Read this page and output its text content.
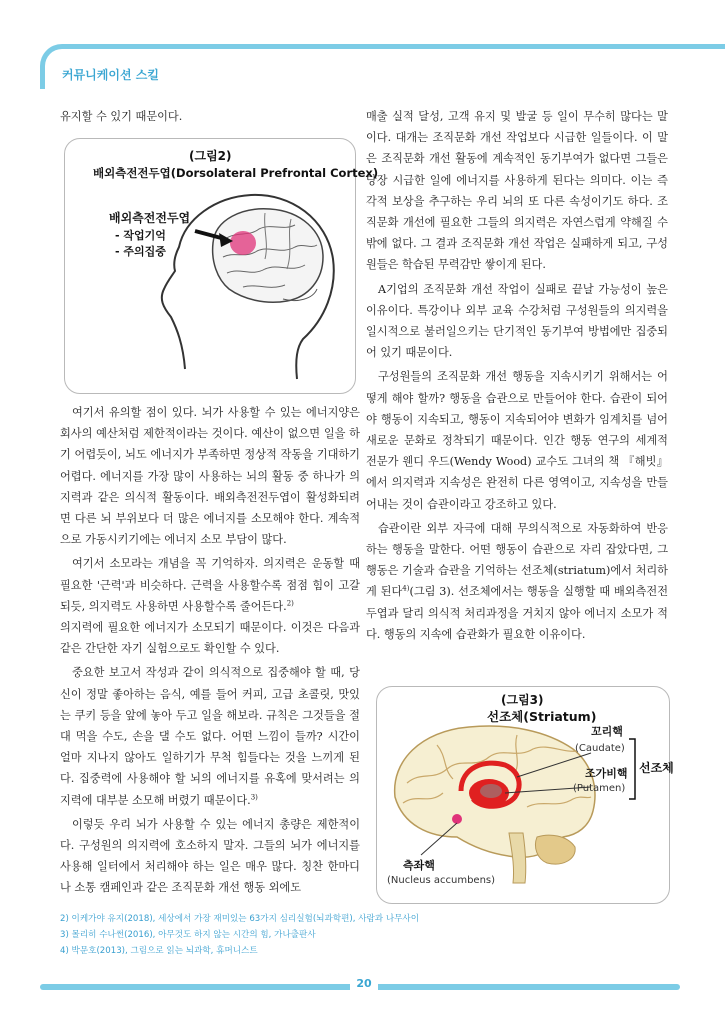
커뮤니케이션 스킬

유지할 수 있기 때문이다.

(그림2)
배외측전전두엽(Dorsolateral Prefrontal Cortex)
배외측전전두엽
- 작업기억
- 주의집중

여기서 유의할 점이 있다. 뇌가 사용할 수 있는 에너지양은 회사의 예산처럼 제한적이라는 것이다. 예산이 없으면 일을 하기 어렵듯이, 뇌도 에너지가 부족하면 정상적 작동을 기대하기 어렵다. 에너지를 가장 많이 사용하는 뇌의 활동 중 하나가 의지력과 같은 의식적 활동이다. 배외측전전두엽이 활성화되려면 다른 뇌 부위보다 더 많은 에너지를 소모해야 한다. 계속적으로 가동시키기에는 에너지 소모 부담이 많다.

여기서 소모라는 개념을 꼭 기억하자. 의지력은 운동할 때 필요한 '근력'과 비슷하다. 근력을 사용할수록 점점 힘이 고갈되듯, 의지력도 사용하면 사용할수록 줄어든다.$^{2)}$

의지력에 필요한 에너지가 소모되기 때문이다. 이것은 다음과 같은 간단한 자기 실험으로도 확인할 수 있다.

중요한 보고서 작성과 같이 의식적으로 집중해야 할 때, 당신이 정말 좋아하는 음식, 예를 들어 커피, 고급 초콜릿, 맛있는 쿠키 등을 앞에 놓아 두고 일을 해보라. 규칙은 그것들을 절대 먹을 수도, 손을 댈 수도 없다. 어떤 느낌이 들까? 시간이 얼마 지나지 않아도 일하기가 무척 힘들다는 것을 느끼게 된다. 집중력에 사용해야 할 뇌의 에너지를 유혹에 맞서려는 의지력에 대부분 소모해 버렸기 때문이다.$^{3)}$

이렇듯 우리 뇌가 사용할 수 있는 에너지 총량은 제한적이다. 구성원의 의지력에 호소하지 말자. 그들의 뇌가 에너지를 사용해 일터에서 처리해야 하는 일은 매우 많다. 칭찬 한마디나 소통 캠페인과 같은 조직문화 개선 행동 외에도

매출 실적 달성, 고객 유지 및 발굴 등 일이 무수히 많다는 말이다. 대개는 조직문화 개선 작업보다 시급한 일들이다. 이 말은 조직문화 개선 활동에 계속적인 동기부여가 없다면 그들은 당장 시급한 일에 에너지를 사용하게 된다는 의미다. 이는 즉각적 보상을 추구하는 우리 뇌의 또 다른 속성이기도 하다. 조직문화 개선에 필요한 그들의 의지력은 자연스럽게 약해질 수밖에 없다. 그 결과 조직문화 개선 작업은 실패하게 되고, 구성원들은 학습된 무력감만 쌓이게 된다.

A기업의 조직문화 개선 작업이 실패로 끝날 가능성이 높은 이유이다. 특강이나 외부 교육 수강처럼 구성원들의 의지력을 일시적으로 불러일으키는 단기적인 동기부여 방법에만 집중되어 있기 때문이다.

구성원들의 조직문화 개선 행동을 지속시키기 위해서는 어떻게 해야 할까? 행동을 습관으로 만들어야 한다. 습관이 되어야 행동이 지속되고, 행동이 지속되어야 변화가 임계치를 넘어 새로운 문화로 정착되기 때문이다. 인간 행동 연구의 세계적 전문가 웬디 우드(Wendy Wood) 교수도 그녀의 책 『해빗』에서 의지력과 지속성은 완전히 다른 영역이고, 지속성을 만들어내는 것이 습관이라고 강조하고 있다.

습관이란 외부 자극에 대해 무의식적으로 자동화하여 반응하는 행동을 말한다. 어떤 행동이 습관으로 자리 잡았다면, 그 행동은 기술과 습관을 기억하는 선조체(striatum)에서 처리하게 된다$^{4)}$(그림 3). 선조체에서는 행동을 실행할 때 배외측전전두엽과 달리 의식적 처리과정을 거치지 않아 에너지 소모가 적다. 행동의 지속에 습관화가 필요한 이유이다.

(그림3)
선조체(Striatum)
꼬리핵
(Caudate)
조가비핵
(Putamen)
선조체
측좌핵
(Nucleus accumbens)
2) 이케가야 유지(2018), 세상에서 가장 재미있는 63가지 심리실험(뇌과학편), 사람과 나무사이
3) 몰리히 수나썬(2016), 아무것도 하지 않는 시간의 힘, 가나출판사
4) 박문호(2013), 그림으로 읽는 뇌과학, 휴머니스트
20
